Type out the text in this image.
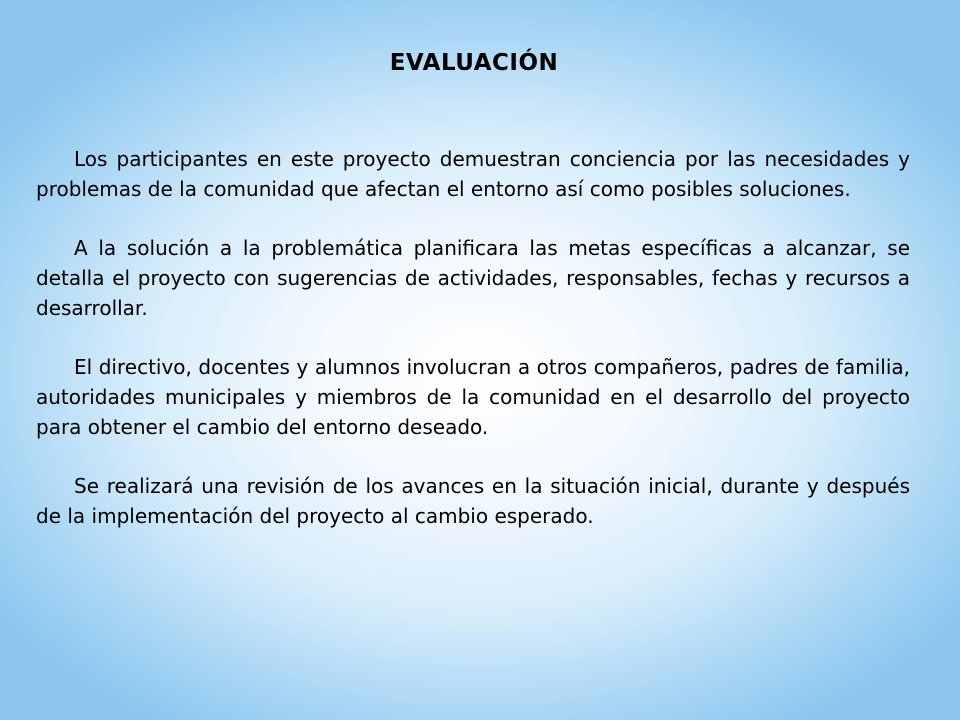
EVALUACIÓN

Los participantes en este proyecto demuestran conciencia por las necesidades y problemas de la comunidad que afectan el entorno así como posibles soluciones.

A la solución a la problemática planificara las metas específicas a alcanzar, se detalla el proyecto con sugerencias de actividades, responsables, fechas y recursos a desarrollar.

El directivo, docentes y alumnos involucran a otros compañeros, padres de familia, autoridades municipales y miembros de la comunidad en el desarrollo del proyecto para obtener el cambio del entorno deseado.

Se realizará una revisión de los avances en la situación inicial, durante y después de la implementación del proyecto al cambio esperado.
